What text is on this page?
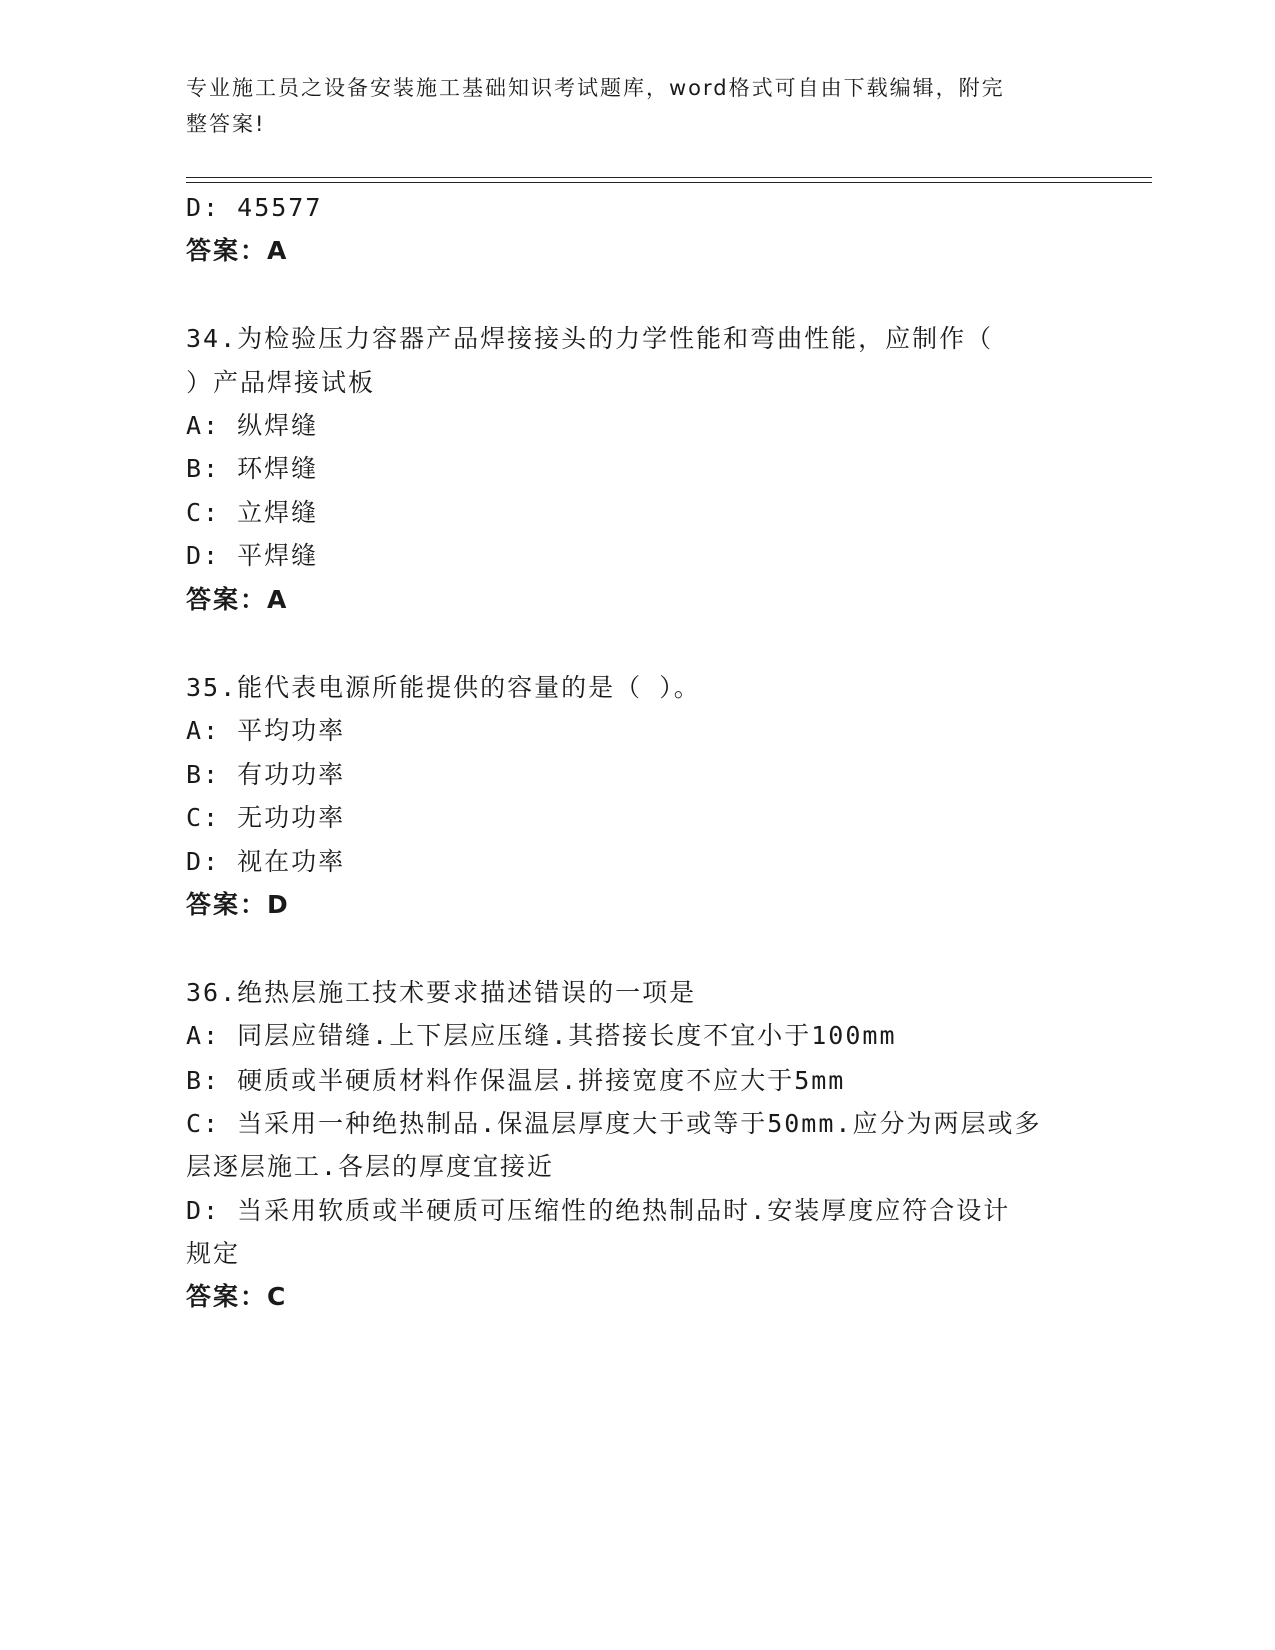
专业施工员之设备安装施工基础知识考试题库，word格式可自由下载编辑，附完
整答案!
D: 45577
答案：A
34.为检验压力容器产品焊接接头的力学性能和弯曲性能，应制作（
）产品焊接试板
A: 纵焊缝
B: 环焊缝
C: 立焊缝
D: 平焊缝
答案：A
35.能代表电源所能提供的容量的是（ ）。
A: 平均功率
B: 有功功率
C: 无功功率
D: 视在功率
答案：D
36.绝热层施工技术要求描述错误的一项是
A: 同层应错缝.上下层应压缝.其搭接长度不宜小于100mm
B: 硬质或半硬质材料作保温层.拼接宽度不应大于5mm
C: 当采用一种绝热制品.保温层厚度大于或等于50mm.应分为两层或多
层逐层施工.各层的厚度宜接近
D: 当采用软质或半硬质可压缩性的绝热制品时.安装厚度应符合设计
规定
答案：C
